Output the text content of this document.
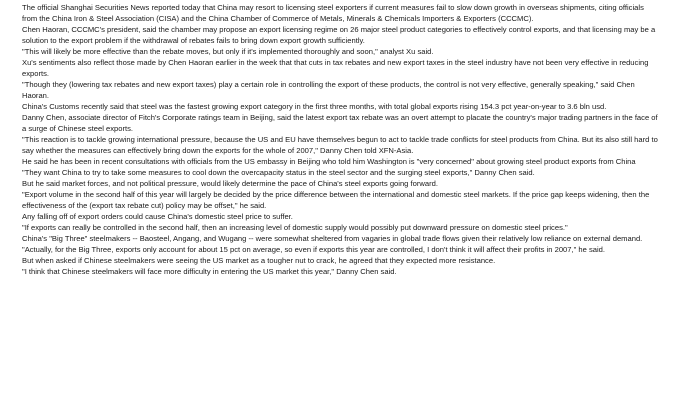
The official Shanghai Securities News reported today that China may resort to licensing steel exporters if current measures fail to slow down growth in overseas shipments, citing officials from the China Iron & Steel Association (CISA) and the China Chamber of Commerce of Metals, Minerals & Chemicals Importers & Exporters (CCCMC).

Chen Haoran, CCCMC's president, said the chamber may propose an export licensing regime on 26 major steel product categories to effectively control exports, and that licensing may be a solution to the export problem if the withdrawal of rebates fails to bring down export growth sufficiently.

"This will likely be more effective than the rebate moves, but only if it's implemented thoroughly and soon," analyst Xu said.

Xu's sentiments also reflect those made by Chen Haoran earlier in the week that that cuts in tax rebates and new export taxes in the steel industry have not been very effective in reducing exports.

"Though they (lowering tax rebates and new export taxes) play a certain role in controlling the export of these products, the control is not very effective, generally speaking," said Chen Haoran.

China's Customs recently said that steel was the fastest growing export category in the first three months, with total global exports rising 154.3 pct year-on-year to 3.6 bln usd.

Danny Chen, associate director of Fitch's Corporate ratings team in Beijing, said the latest export tax rebate was an overt attempt to placate the country's major trading partners in the face of a surge of Chinese steel exports.

"This reaction is to tackle growing international pressure, because the US and EU have themselves begun to act to tackle trade conflicts for steel products from China. But its also still hard to say whether the measures can effectively bring down the exports for the whole of 2007," Danny Chen told XFN-Asia.

He said he has been in recent consultations with officials from the US embassy in Beijing who told him Washington is "very concerned" about growing steel product exports from China

"They want China to try to take some measures to cool down the overcapacity status in the steel sector and the surging steel exports," Danny Chen said.

But he said market forces, and not political pressure, would likely determine the pace of China's steel exports going forward.

"Export volume in the second half of this year will largely be decided by the price difference between the international and domestic steel markets. If the price gap keeps widening, then the effectiveness of the (export tax rebate cut) policy may be offset," he said.

Any falling off of export orders could cause China's domestic steel price to suffer.

"If exports can really be controlled in the second half, then an increasing level of domestic supply would possibly put downward pressure on domestic steel prices."

China's "Big Three" steelmakers -- Baosteel, Angang, and Wugang -- were somewhat sheltered from vagaries in global trade flows given their relatively low reliance on external demand.

"Actually, for the Big Three, exports only account for about 15 pct on average, so even if exports this year are controlled, I don't think it will affect their profits in 2007," he said.

But when asked if Chinese steelmakers were seeing the US market as a tougher nut to crack, he agreed that they expected more resistance.

"I think that Chinese steelmakers will face more difficulty in entering the US market this year," Danny Chen said.
